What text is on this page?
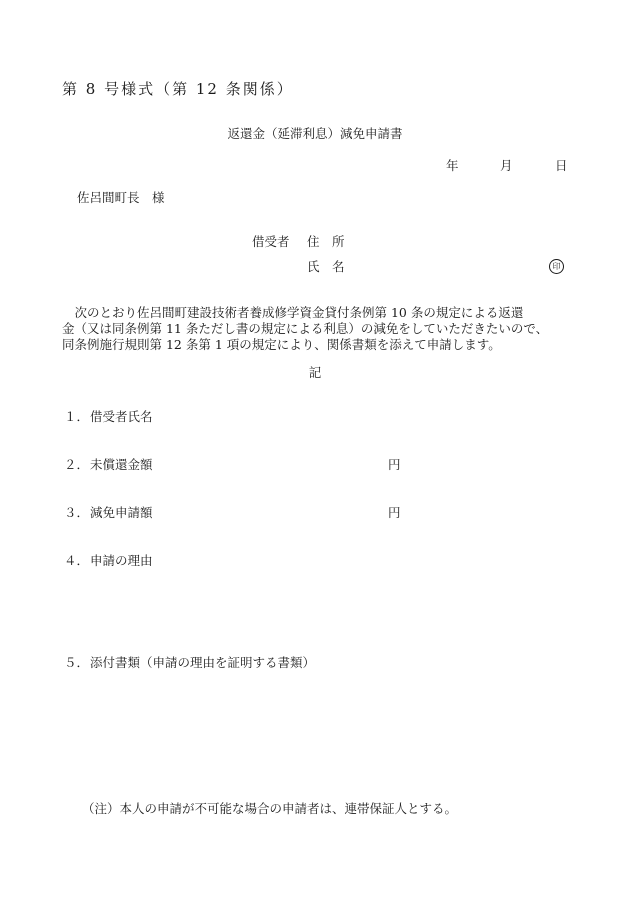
第 8 号様式（第 12 条関係）
返還金（延滞利息）減免申請書
年	月	日
佐呂間町長　様
借受者 住　所
氏　名	印

　次のとおり佐呂間町建設技術者養成修学資金貸付条例第 10 条の規定による返還

金（又は同条例第 11 条ただし書の規定による利息）の減免をしていただきたいので、

同条例施行規則第 12 条第 1 項の規定により、関係書類を添えて申請します。

記
１．借受者氏名
２．未償還金額	円
３．減免申請額	円
４．申請の理由
５．添付書類（申請の理由を証明する書類）
（注）本人の申請が不可能な場合の申請者は、連帯保証人とする。
